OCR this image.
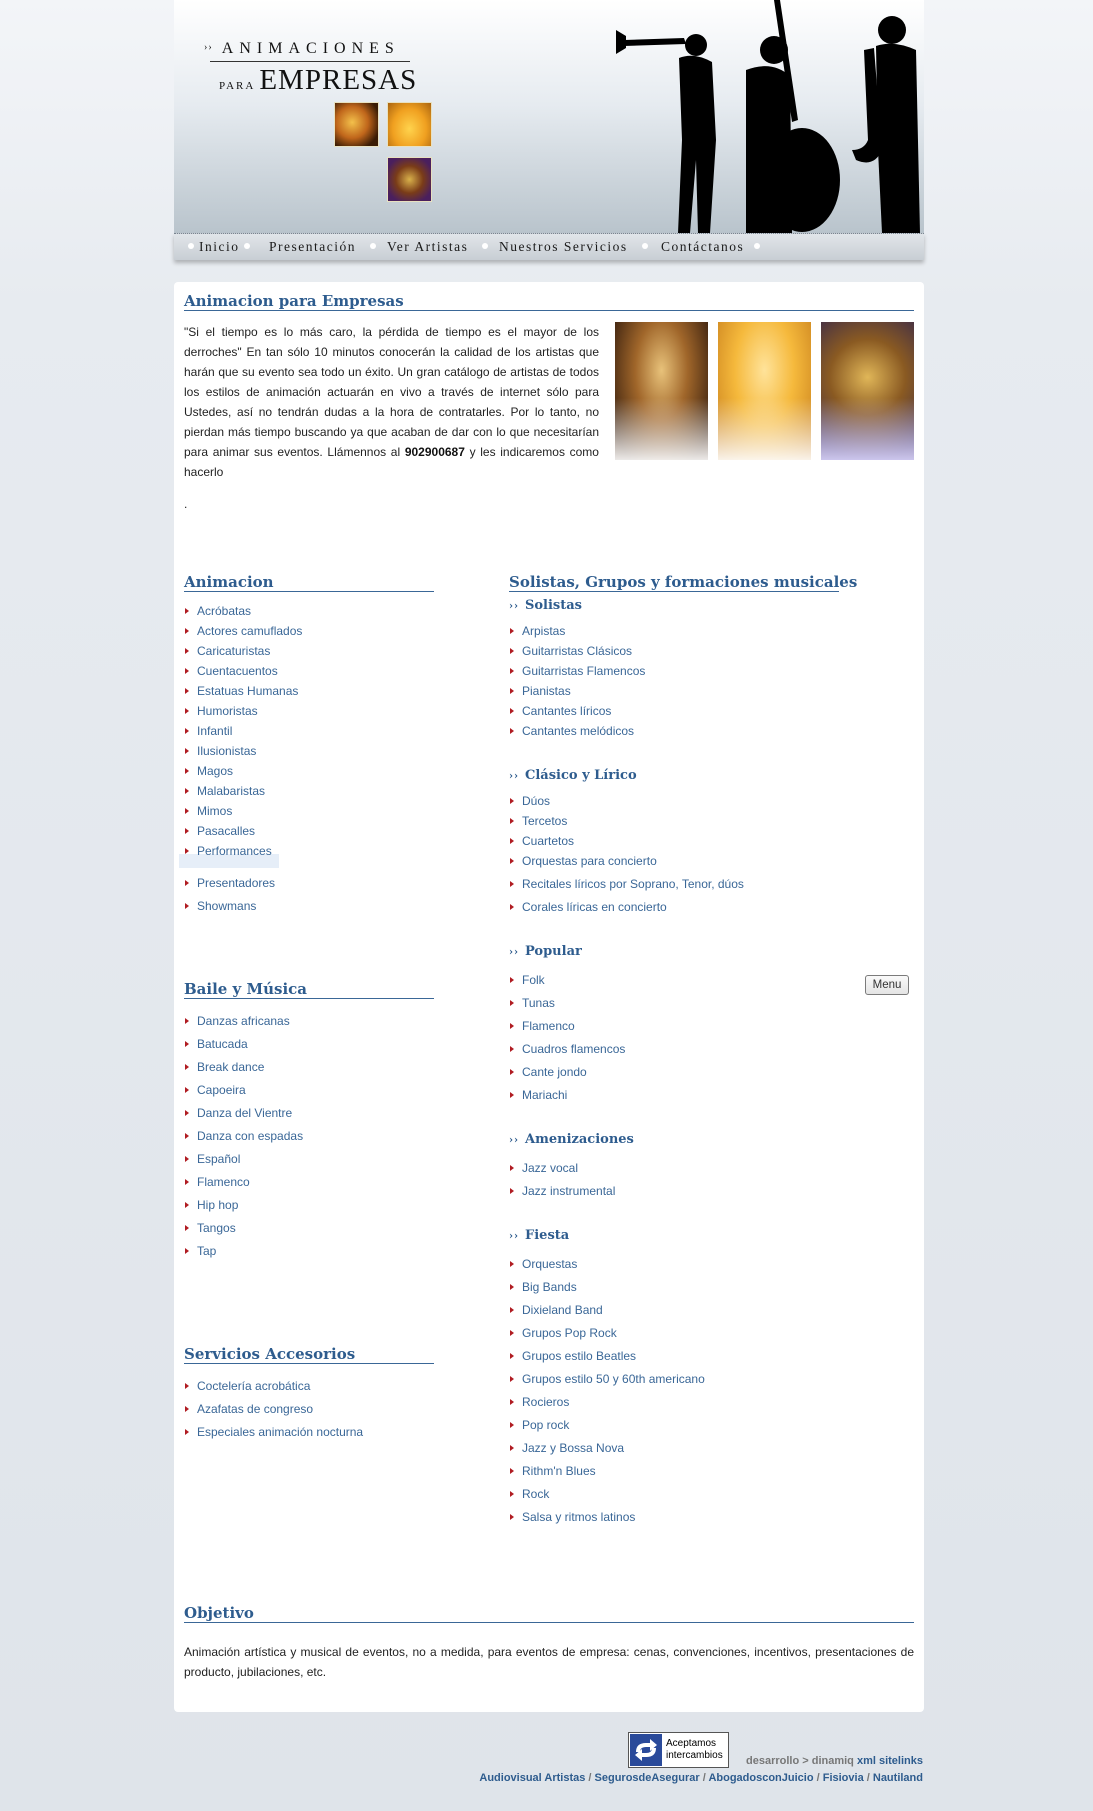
›› ANIMACIONES
PARA EMPRESAS
Inicio Presentación Ver Artistas Nuestros Servicios Contáctanos
Animacion para Empresas
"Si el tiempo es lo más caro, la pérdida de tiempo es el mayor de los derroches" En tan sólo 10 minutos conocerán la calidad de los artistas que harán que su evento sea todo un éxito. Un gran catálogo de artistas de todos los estilos de animación actuarán en vivo a través de internet sólo para Ustedes, así no tendrán dudas a la hora de contratarles. Por lo tanto, no pierdan más tiempo buscando ya que acaban de dar con lo que necesitarían para animar sus eventos. Llámennos al 902900687 y les indicaremos como hacerlo
.
Animacion
Acróbatas
Actores camuflados
Caricaturistas
Cuentacuentos
Estatuas Humanas
Humoristas
Infantil
Ilusionistas
Magos
Malabaristas
Mimos
Pasacalles
Performances
Presentadores
Showmans
Baile y Música
Danzas africanas
Batucada
Break dance
Capoeira
Danza del Vientre
Danza con espadas
Español
Flamenco
Hip hop
Tangos
Tap
Servicios Accesorios
Coctelería acrobática
Azafatas de congreso
Especiales animación nocturna
Solistas, Grupos y formaciones musicales
›› Solistas
Arpistas
Guitarristas Clásicos
Guitarristas Flamencos
Pianistas
Cantantes líricos
Cantantes melódicos
›› Clásico y Lírico
Dúos
Tercetos
Cuartetos
Orquestas para concierto
Recitales líricos por Soprano, Tenor, dúos
Corales líricas en concierto
›› Popular
Folk
Tunas
Flamenco
Cuadros flamencos
Cante jondo
Mariachi
›› Amenizaciones
Jazz vocal
Jazz instrumental
›› Fiesta
Orquestas
Big Bands
Dixieland Band
Grupos Pop Rock
Grupos estilo Beatles
Grupos estilo 50 y 60th americano
Rocieros
Pop rock
Jazz y Bossa Nova
Rithm'n Blues
Rock
Salsa y ritmos latinos
Menu
Objetivo
Animación artística y musical de eventos, no a medida, para eventos de empresa: cenas, convenciones, incentivos, presentaciones de producto, jubilaciones, etc.
Aceptamos
intercambios desarrollo > dinamiq xml sitelinks
Audiovisual Artistas / SegurosdeAsegurar / AbogadosconJuicio / Fisiovia / Nautiland
